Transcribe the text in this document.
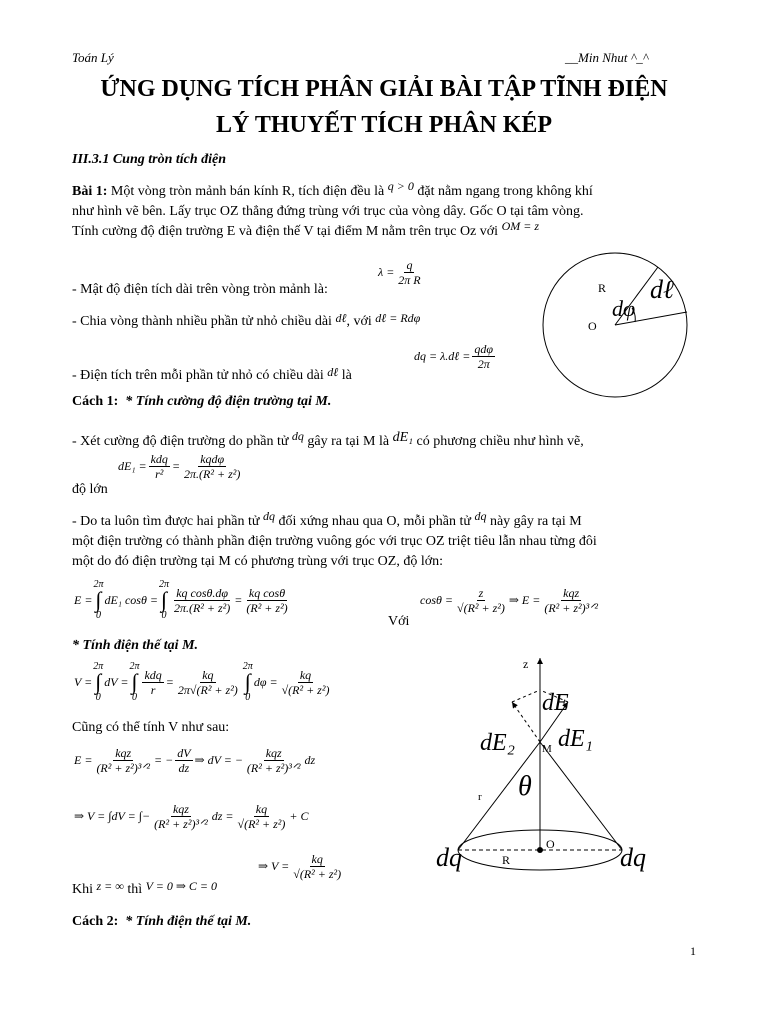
Toán Lý	__Min Nhut ^_^
ỨNG DỤNG TÍCH PHÂN GIẢI BÀI TẬP TĨNH ĐIỆN
LÝ THUYẾT TÍCH PHÂN KÉP
III.3.1 Cung tròn tích điện
Bài 1:
Một vòng tròn mảnh bán kính R, tích điện đều là
q > 0
đặt nằm ngang trong không khí
như hình vẽ bên. Lấy trục OZ thẳng đứng trùng với trục của vòng dây. Gốc O tại tâm vòng.
Tính cường độ điện trường E và điện thế V tại điểm M nằm trên trục Oz với
OM = z
- Mật độ điện tích dài trên vòng tròn mảnh là:
$\lambda = \frac{q}{\text{2π R}}$
- Chia vòng thành nhiều phần tử nhỏ chiều dài
dℓ , với
dℓ = Rdφ
- Điện tích trên mỗi phần tử nhỏ có chiều dài
dℓ
là
dq = λ.dℓ = $\frac{\text{qdφ}}{2\pi}$
R
O
dℓ
dφ
Cách 1:
* Tính cường độ điện trường tại M.
- Xét cường độ điện trường do phần tử
dq
gây ra tại M là
dE₁
có phương chiều như hình vẽ,
độ lớn
$dE_1 = \frac{\text{kdq}}{\text{r²}} = \frac{\text{kqdφ}}{\text{2π.(R² + z²)}}$
- Do ta luôn tìm được hai phần tử
dq
đối xứng nhau qua O, mỗi phần tử
dq
này gây ra tại M
một điện trường có thành phần điện trường vuông góc với trục OZ triệt tiêu lẫn nhau từng đôi
một do đó điện trường tại M có phương trùng với trục OZ, độ lớn:
E =
2π
∫
0
dE₁ cosθ =
2π
∫
0
$\frac{\text{kq cosθ.dφ}}{\text{2π.(R² + z²)}} = \frac{\text{kq cosθ}}{\text{(R² + z²)}}$
Với
$\cos\theta = \frac{z}{\text{√(R² + z²)}}$ ⇒ $E = \frac{\text{kqz}}{\text{(R² + z²)³ᐟ²}}$
* Tính điện thế tại M.
V =
2π
∫
0
dV =
2π
∫
0
$\frac{\text{kdq}}{r} = \frac{kq}{\text{2π√(R² + z²)}}$
2π
∫
0
$d\varphi = \frac{kq}{\text{√(R² + z²)}}$
Cũng có thể tính V như sau:
$E = \frac{\text{kqz}}{\text{(R² + z²)³ᐟ²}}$ = − $\frac{dV}{dz}$ ⇒ dV = − $\frac{\text{kqz}}{\text{(R² + z²)³ᐟ²}}$ dz
⇒ V = ∫dV = ∫− $\frac{\text{kqz}}{\text{(R² + z²)³ᐟ²}}$ dz = $\frac{kq}{\text{√(R² + z²)}} + C$
⇒ $V = \frac{kq}{\text{√(R² + z²)}}$
Khi
z = ∞
thì
V = 0 ⇒ C = 0
Cách 2:
* Tính điện thế tại M.
z
dE
dE₂ dE₁
M
θ
r
R
O
dq	dq
1
